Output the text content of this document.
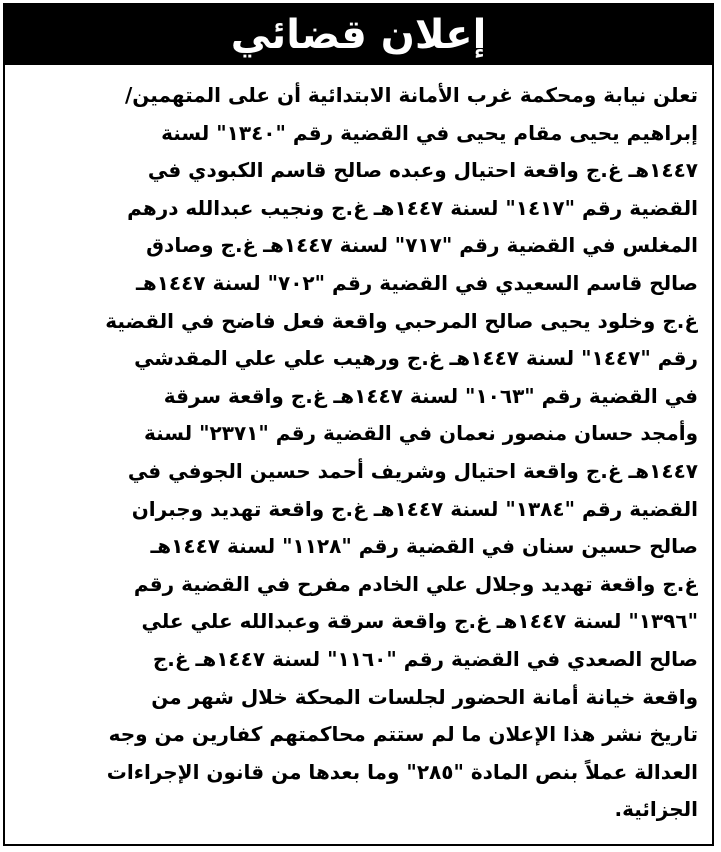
إعلان قضائي
تعلن نيابة ومحكمة غرب الأمانة الابتدائية أن على المتهمين/
إبراهيم يحيى مقام يحيى في القضية رقم "١٣٤٠" لسنة
١٤٤٧هـ غ.ج واقعة احتيال وعبده صالح قاسم الكبودي في
القضية رقم "١٤١٧" لسنة ١٤٤٧هـ غ.ج ونجيب عبدالله درهم
المغلس في القضية رقم "٧١٧" لسنة ١٤٤٧هـ غ.ج وصادق
صالح قاسم السعيدي في القضية رقم "٧٠٢" لسنة ١٤٤٧هـ
غ.ج وخلود يحيى صالح المرحبي واقعة فعل فاضح في القضية
رقم "١٤٤٧" لسنة ١٤٤٧هـ غ.ج ورهيب علي علي المقدشي
في القضية رقم "١٠٦٣" لسنة ١٤٤٧هـ غ.ج واقعة سرقة
وأمجد حسان منصور نعمان في القضية رقم "٢٣٧١" لسنة
١٤٤٧هـ غ.ج واقعة احتيال وشريف أحمد حسين الجوفي في
القضية رقم "١٣٨٤" لسنة ١٤٤٧هـ غ.ج واقعة تهديد وجبران
صالح حسين سنان في القضية رقم "١١٢٨" لسنة ١٤٤٧هـ
غ.ج واقعة تهديد وجلال علي الخادم مفرح في القضية رقم
"١٣٩٦" لسنة ١٤٤٧هـ غ.ج واقعة سرقة وعبدالله علي علي
صالح الصعدي في القضية رقم "١١٦٠" لسنة ١٤٤٧هـ غ.ج
واقعة خيانة أمانة الحضور لجلسات المحكة خلال شهر من
تاريخ نشر هذا الإعلان ما لم ستتم محاكمتهم كفارين من وجه
العدالة عملاً بنص المادة "٢٨٥" وما بعدها من قانون الإجراءات
الجزائية.
